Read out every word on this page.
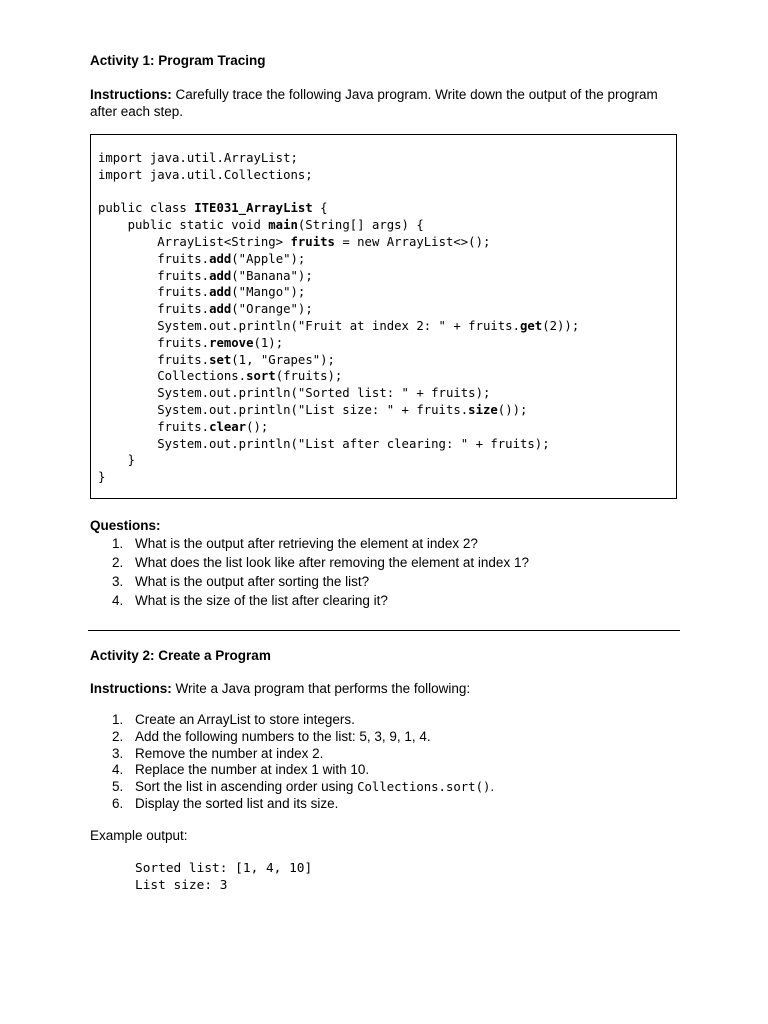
Activity 1: Program Tracing
Instructions: Carefully trace the following Java program. Write down the output of the program after each step.
import java.util.ArrayList;
import java.util.Collections;

public class ITE031_ArrayList {
public static void main(String[] args) {
ArrayList<String> fruits = new ArrayList<>();
fruits.add("Apple");
fruits.add("Banana");
fruits.add("Mango");
fruits.add("Orange");
System.out.println("Fruit at index 2: " + fruits.get(2));
fruits.remove(1);
fruits.set(1, "Grapes");
Collections.sort(fruits);
System.out.println("Sorted list: " + fruits);
System.out.println("List size: " + fruits.size());
fruits.clear();
System.out.println("List after clearing: " + fruits);
}
}
Questions:
1. What is the output after retrieving the element at index 2?
2. What does the list look like after removing the element at index 1?
3. What is the output after sorting the list?
4. What is the size of the list after clearing it?
Activity 2: Create a Program
Instructions: Write a Java program that performs the following:
1. Create an ArrayList to store integers.
2. Add the following numbers to the list: 5, 3, 9, 1, 4.
3. Remove the number at index 2.
4. Replace the number at index 1 with 10.
5. Sort the list in ascending order using Collections.sort().
6. Display the sorted list and its size.
Example output:
Sorted list: [1, 4, 10]
List size: 3
